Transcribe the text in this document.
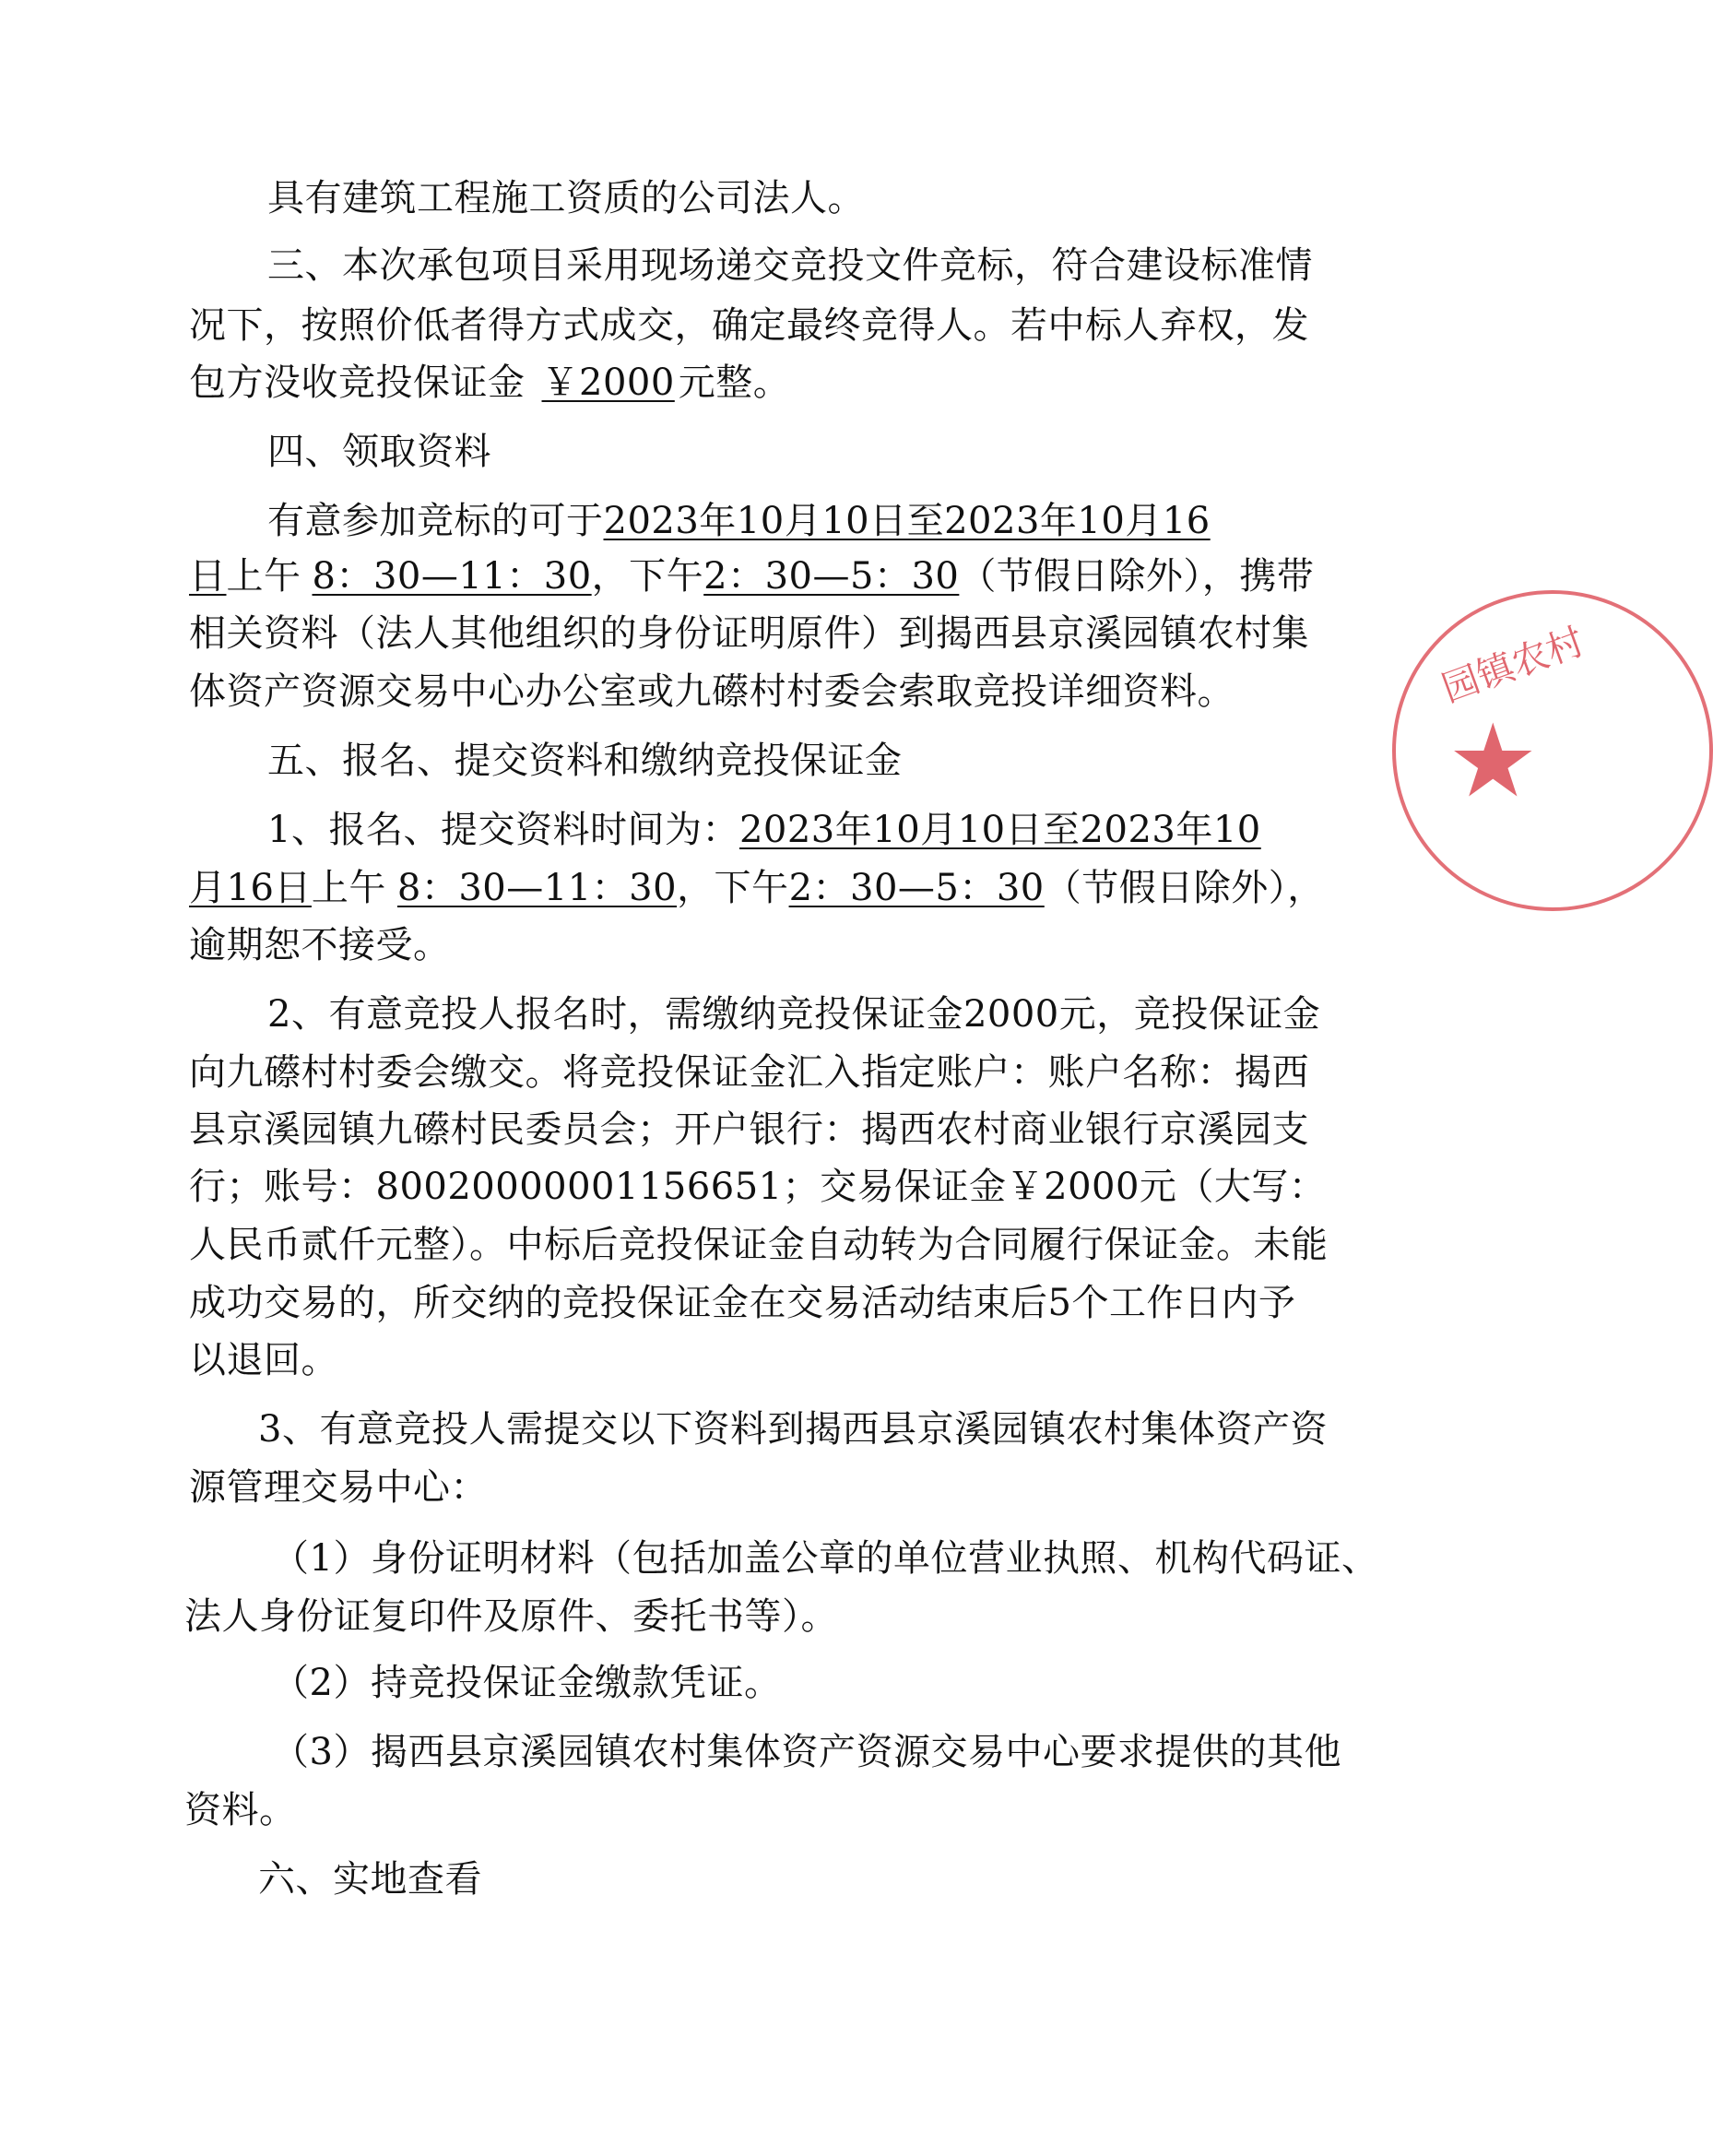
具有建筑工程施工资质的公司法人。
三、本次承包项目采用现场递交竞投文件竞标，符合建设标准情
况下，按照价低者得方式成交，确定最终竞得人。若中标人弃权，发
包方没收竞投保证金 ￥2000 元整。
四、领取资料
有意参加竞标的可于2023年10月10日至2023年10月16
日上午 8：30—11：30，下午2：30—5：30（节假日除外），携带
相关资料（法人其他组织的身份证明原件）到揭西县京溪园镇农村集
体资产资源交易中心办公室或九礤村村委会索取竞投详细资料。
五、报名、提交资料和缴纳竞投保证金
1、报名、提交资料时间为：2023年10月10日至2023年10
月16日上午 8：30—11：30，下午2：30—5：30（节假日除外），
逾期恕不接受。
2、有意竞投人报名时，需缴纳竞投保证金2000元，竞投保证金
向九礤村村委会缴交。将竞投保证金汇入指定账户：账户名称：揭西
县京溪园镇九礤村民委员会；开户银行：揭西农村商业银行京溪园支
行；账号：80020000001156651；交易保证金￥2000元（大写：
人民币贰仟元整）。中标后竞投保证金自动转为合同履行保证金。未能
成功交易的，所交纳的竞投保证金在交易活动结束后5个工作日内予
以退回。
3、有意竞投人需提交以下资料到揭西县京溪园镇农村集体资产资
源管理交易中心：
（1）身份证明材料（包括加盖公章的单位营业执照、机构代码证、
法人身份证复印件及原件、委托书等）。
（2）持竞投保证金缴款凭证。
（3）揭西县京溪园镇农村集体资产资源交易中心要求提供的其他
资料。
六、实地查看
园镇农村
★
